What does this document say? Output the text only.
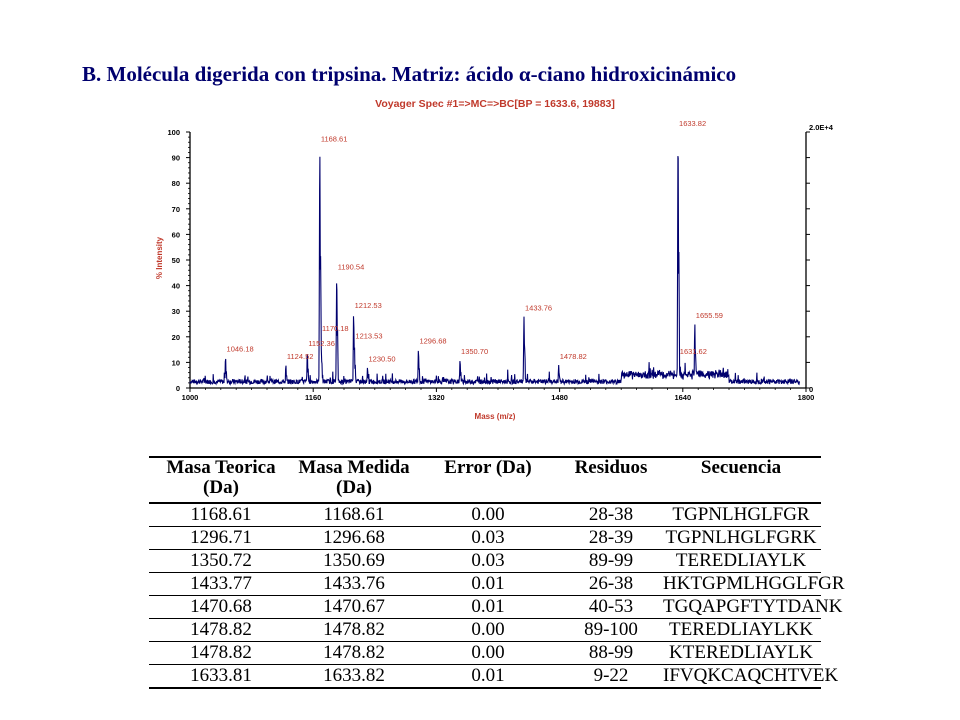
B. Molécula digerida con tripsina. Matriz: ácido α-ciano hidroxicinámico
0
10
20
30
40
50
60
70
80
90
100
1000	1160	1320	1480	1640	1800
1046.18
1124.52
1152.36
1168.61
1170.18
1190.54
1212.53
1213.53
1230.50
1296.68
1350.70
1433.76
1478.82
1633.82
1631.62
1655.59
Voyager Spec #1=>MC=>BC[BP = 1633.6, 19883]
Mass (m/z)
% Intensity
2.0E+4
0
Masa Teorica
(Da)	Masa Medida
(Da)	Error (Da)	Residuos	Secuencia
1168.61	1168.61	0.00	28-38	TGPNLHGLFGR
1296.71	1296.68	0.03	28-39	TGPNLHGLFGRK
1350.72	1350.69	0.03	89-99	TEREDLIAYLK
1433.77	1433.76	0.01	26-38	HKTGPMLHGGLFGR
1470.68	1470.67	0.01	40-53	TGQAPGFTYTDANK
1478.82	1478.82	0.00	89-100	TEREDLIAYLKK
1478.82	1478.82	0.00	88-99	KTEREDLIAYLK
1633.81	1633.82	0.01	9-22	IFVQKCAQCHTVEK
